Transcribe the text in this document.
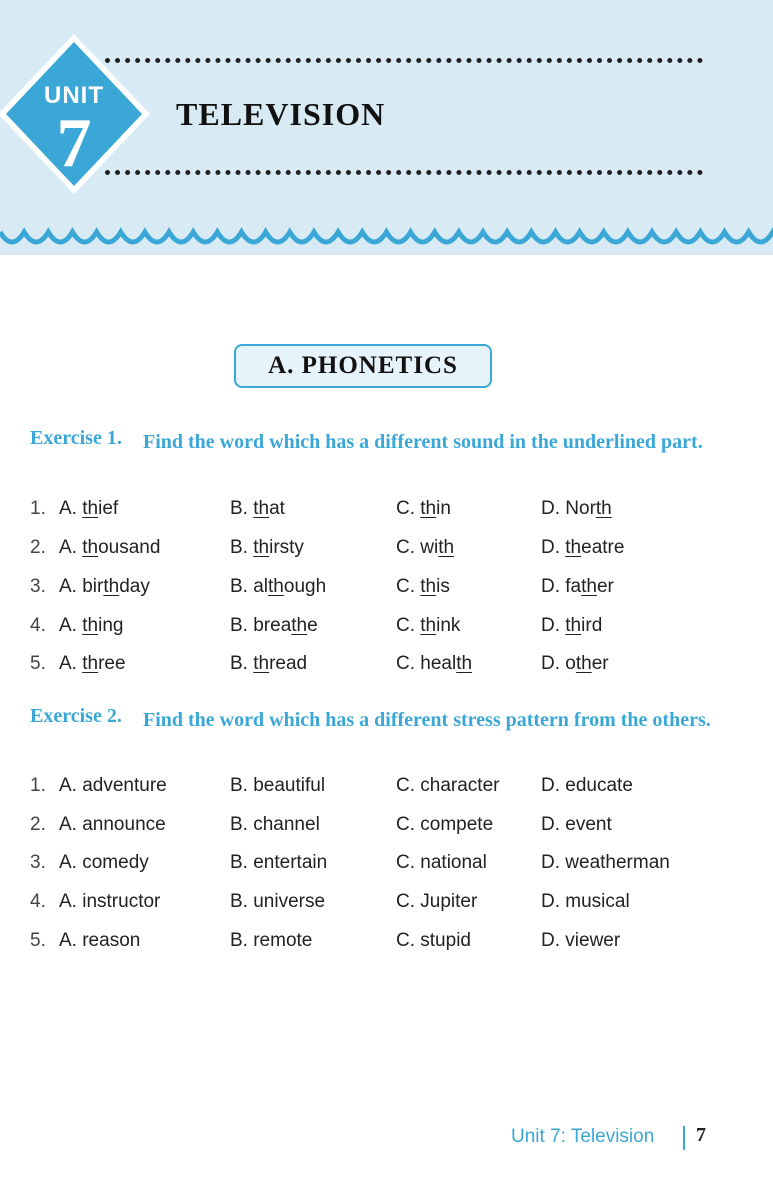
UNIT
7	TELEVISION
A. PHONETICS
Exercise 1. Find the word which has a different sound in the underlined part.
1. A. thief	B. that	C. thin	D. North
2. A. thousand	B. thirsty	C. with	D. theatre
3. A. birthday	B. although	C. this	D. father
4. A. thing	B. breathe	C. think	D. third
5. A. three	B. thread	C. health	D. other
Exercise 2. Find the word which has a different stress pattern from the others.
1. A. adventure	B. beautiful	C. character D. educate
2. A. announce	B. channel	C. compete	D. event
3. A. comedy	B. entertain	C. national	D. weatherman
4. A. instructor	B. universe	C. Jupiter	D. musical
5. A. reason	B. remote	C. stupid	D. viewer
Unit 7: Television 7
